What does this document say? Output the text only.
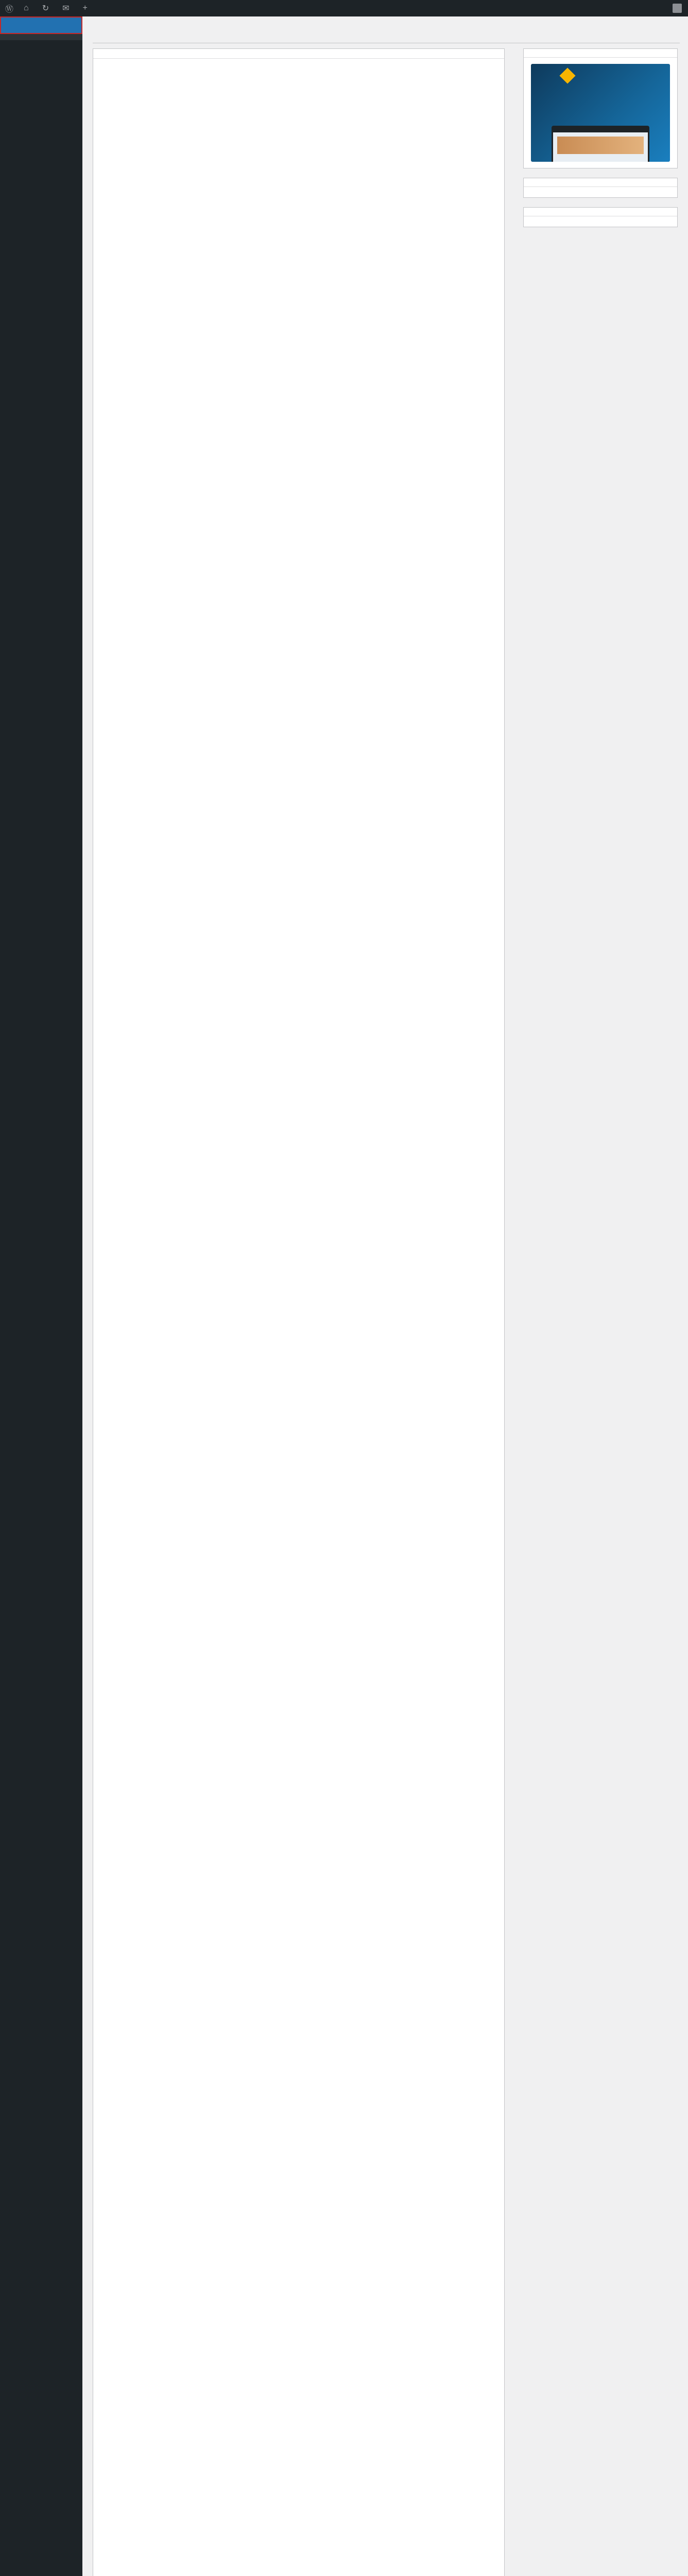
Ⓦ ⌂ ↻ ✉ +
